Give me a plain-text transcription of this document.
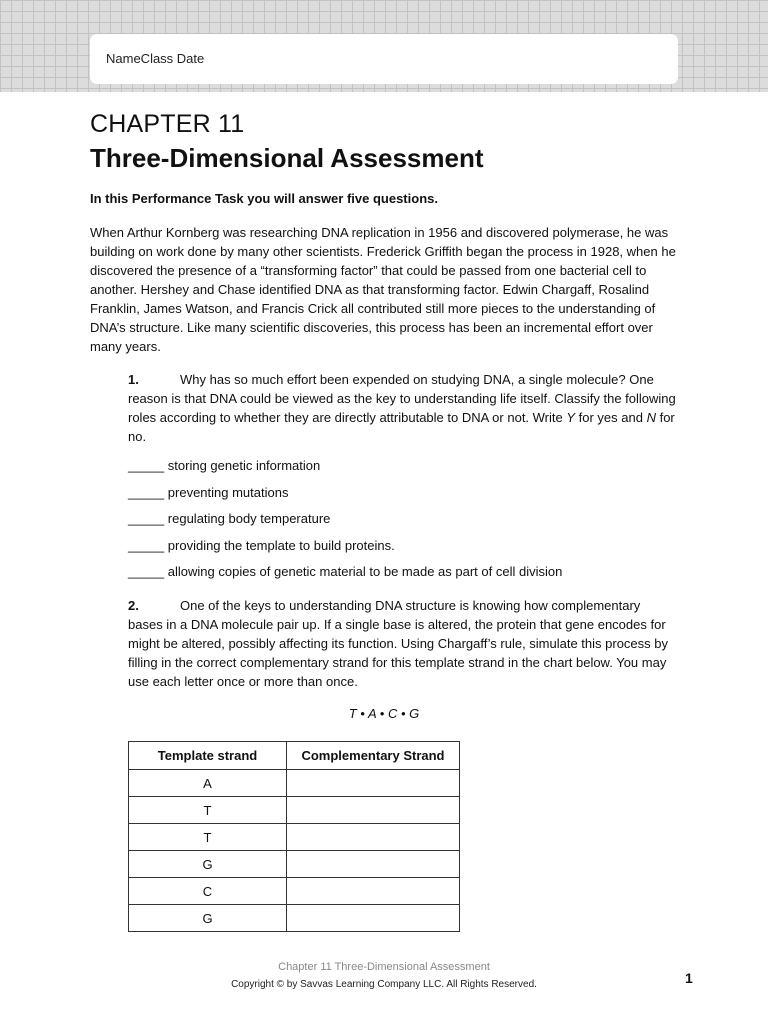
NameClass Date
CHAPTER 11
Three-Dimensional Assessment
In this Performance Task you will answer five questions.

When Arthur Kornberg was researching DNA replication in 1956 and discovered polymerase, he was building on work done by many other scientists. Frederick Griffith began the process in 1928, when he discovered the presence of a “transforming factor” that could be passed from one bacterial cell to another. Hershey and Chase identified DNA as that transforming factor. Edwin Chargaff, Rosalind Franklin, James Watson, and Francis Crick all contributed still more pieces to the understanding of DNA’s structure. Like many scientific discoveries, this process has been an incremental effort over many years.

1.	Why has so much effort been expended on studying DNA, a single molecule? One reason is that DNA could be viewed as the key to understanding life itself. Classify the following roles according to whether they are directly attributable to DNA or not. Write Y for yes and N for no.
_____ storing genetic information
_____ preventing mutations
_____ regulating body temperature
_____ providing the template to build proteins.
_____ allowing copies of genetic material to be made as part of cell division
2.	One of the keys to understanding DNA structure is knowing how complementary bases in a DNA molecule pair up. If a single base is altered, the protein that gene encodes for might be altered, possibly affecting its function. Using Chargaff’s rule, simulate this process by filling in the correct complementary strand for this template strand in the chart below. You may use each letter once or more than once.
T • A • C • G
Template strand	Complementary Strand
A	
T	
T	
G	
C	
G	
Chapter 11 Three-Dimensional Assessment
Copyright © by Savvas Learning Company LLC. All Rights Reserved.	1
